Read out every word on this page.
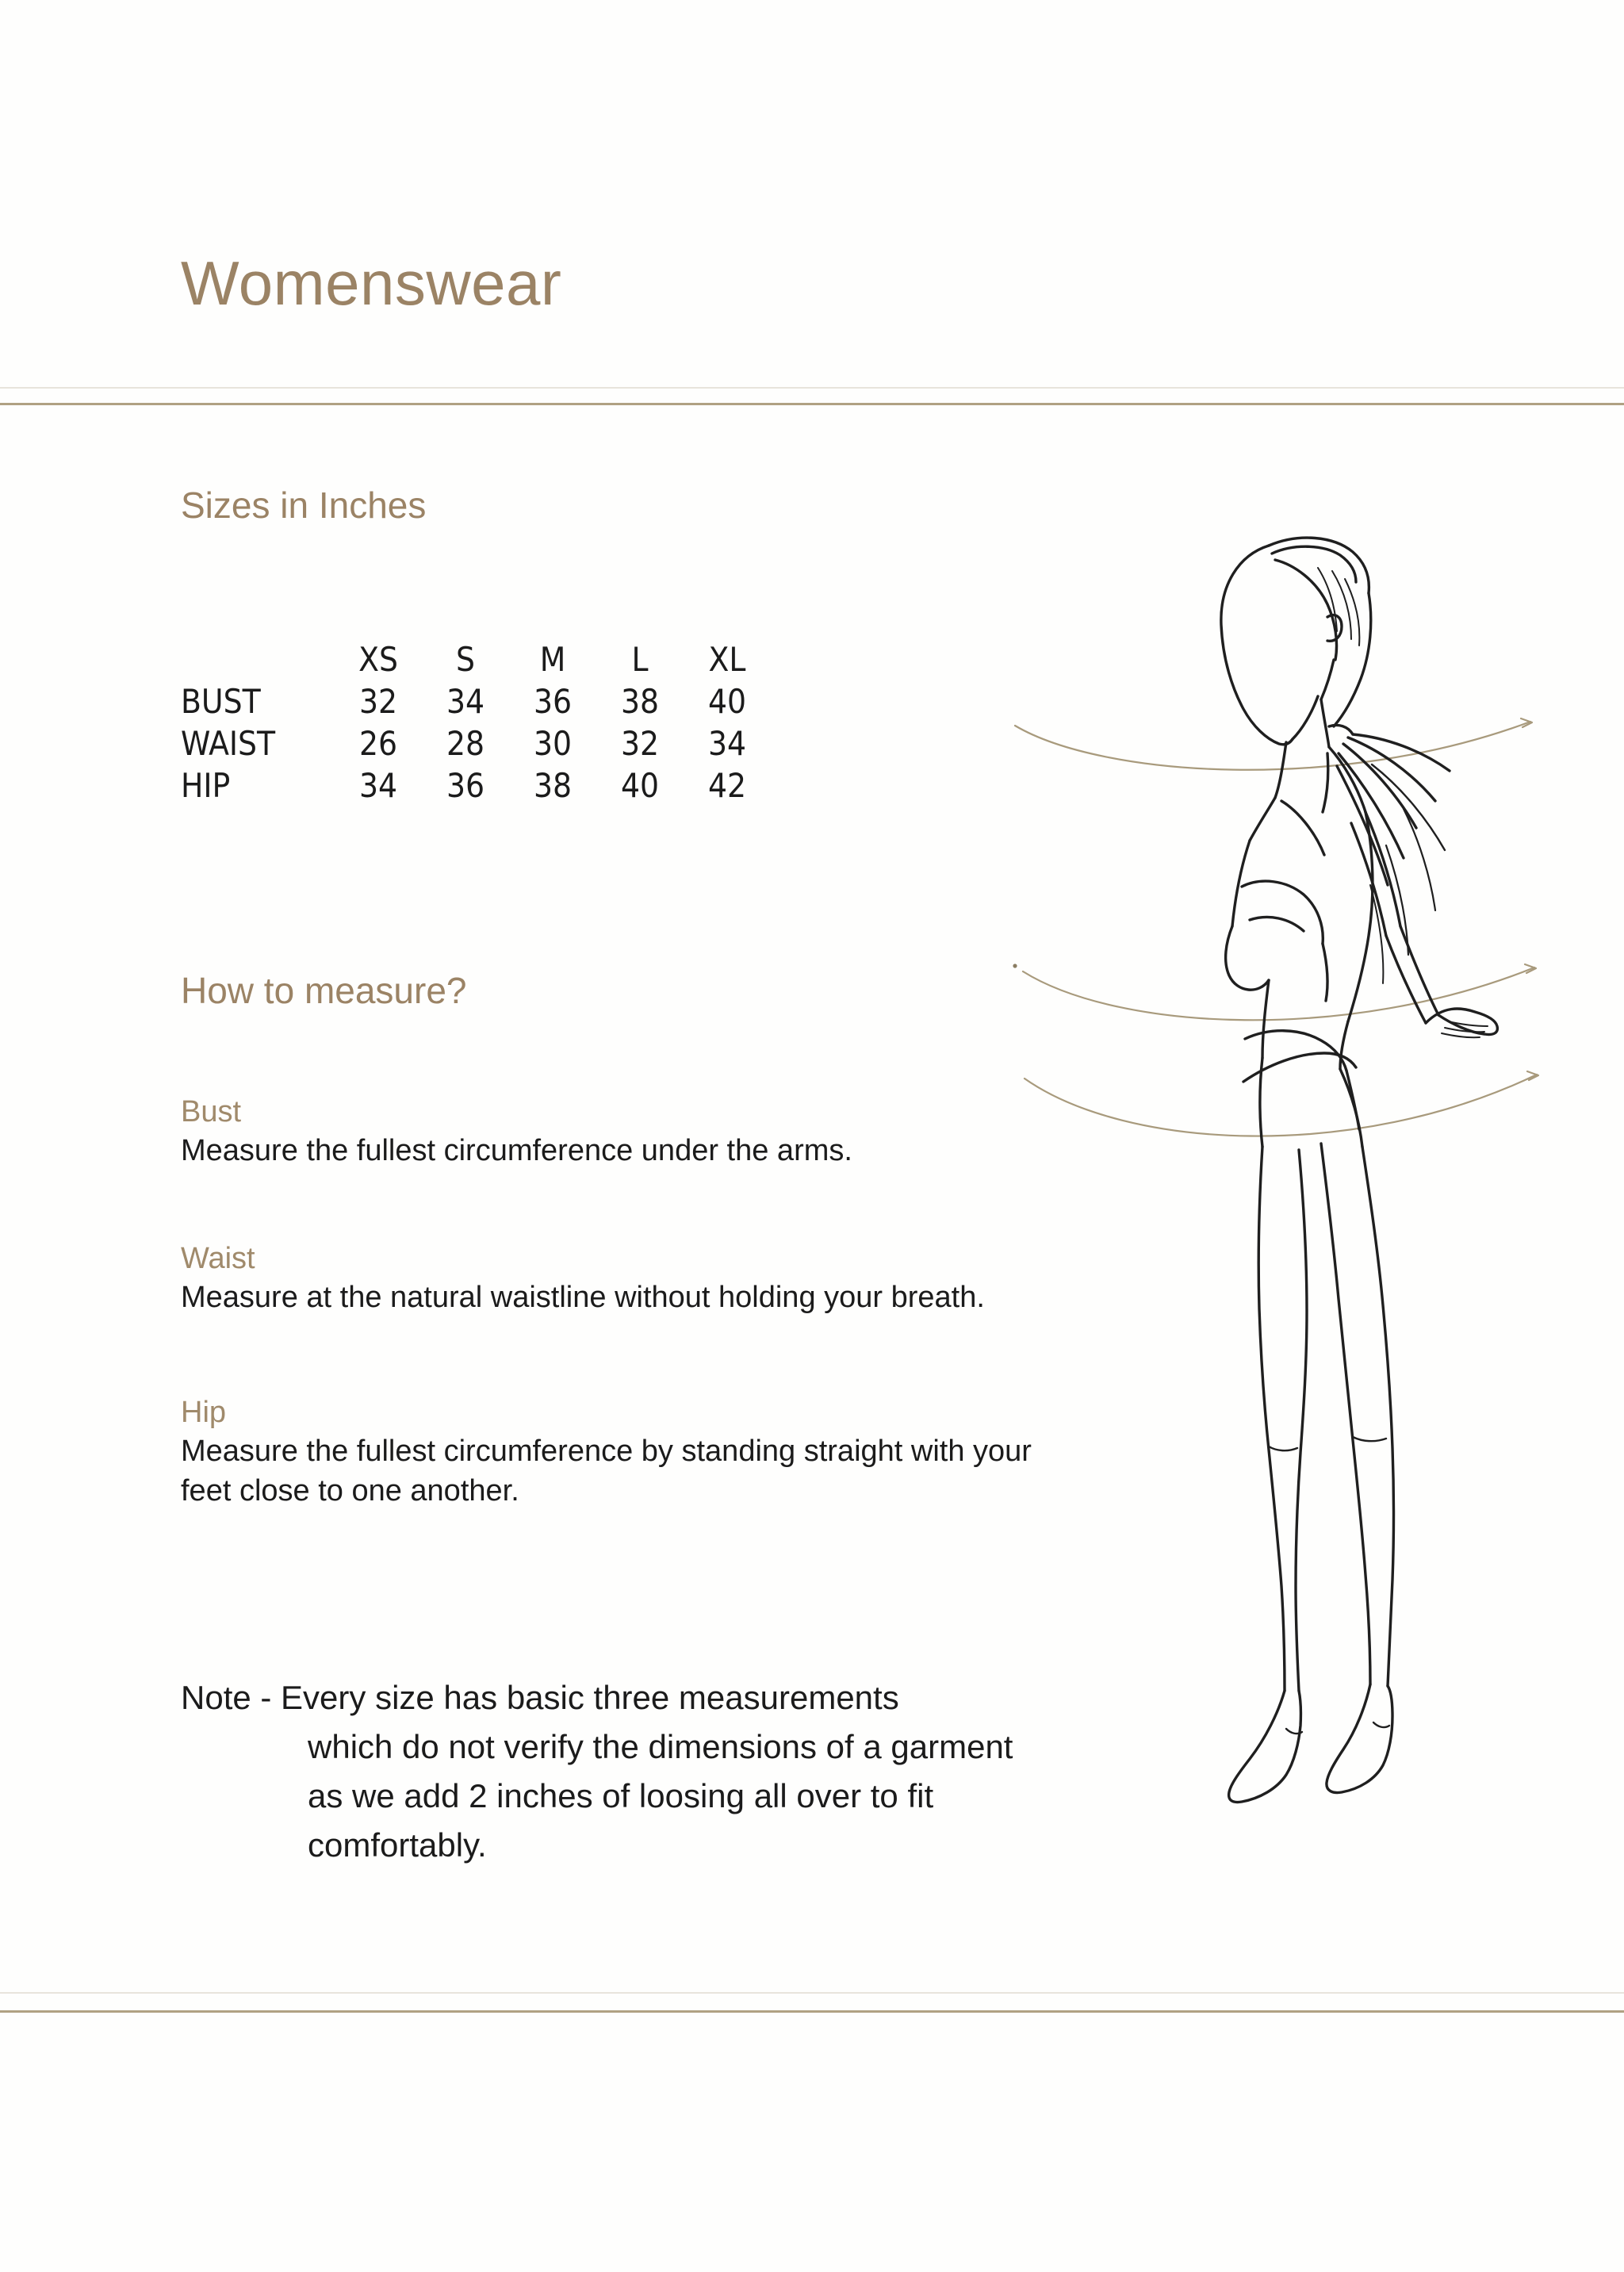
Womenswear
Sizes in Inches
	XS	S	M	L	XL
BUST	32	34	36	38	40
WAIST	26	28	30	32	34
HIP	34	36	38	40	42
How to measure?
Bust
Measure the fullest circumference under the arms.
Waist
Measure at the natural waistline without holding your breath.
Hip
Measure the fullest circumference by standing straight with your feet close to one another.
Note - Every size has basic three measurements
which do not verify the dimensions of a garment
as we add 2 inches of loosing all over to fit
comfortably.
